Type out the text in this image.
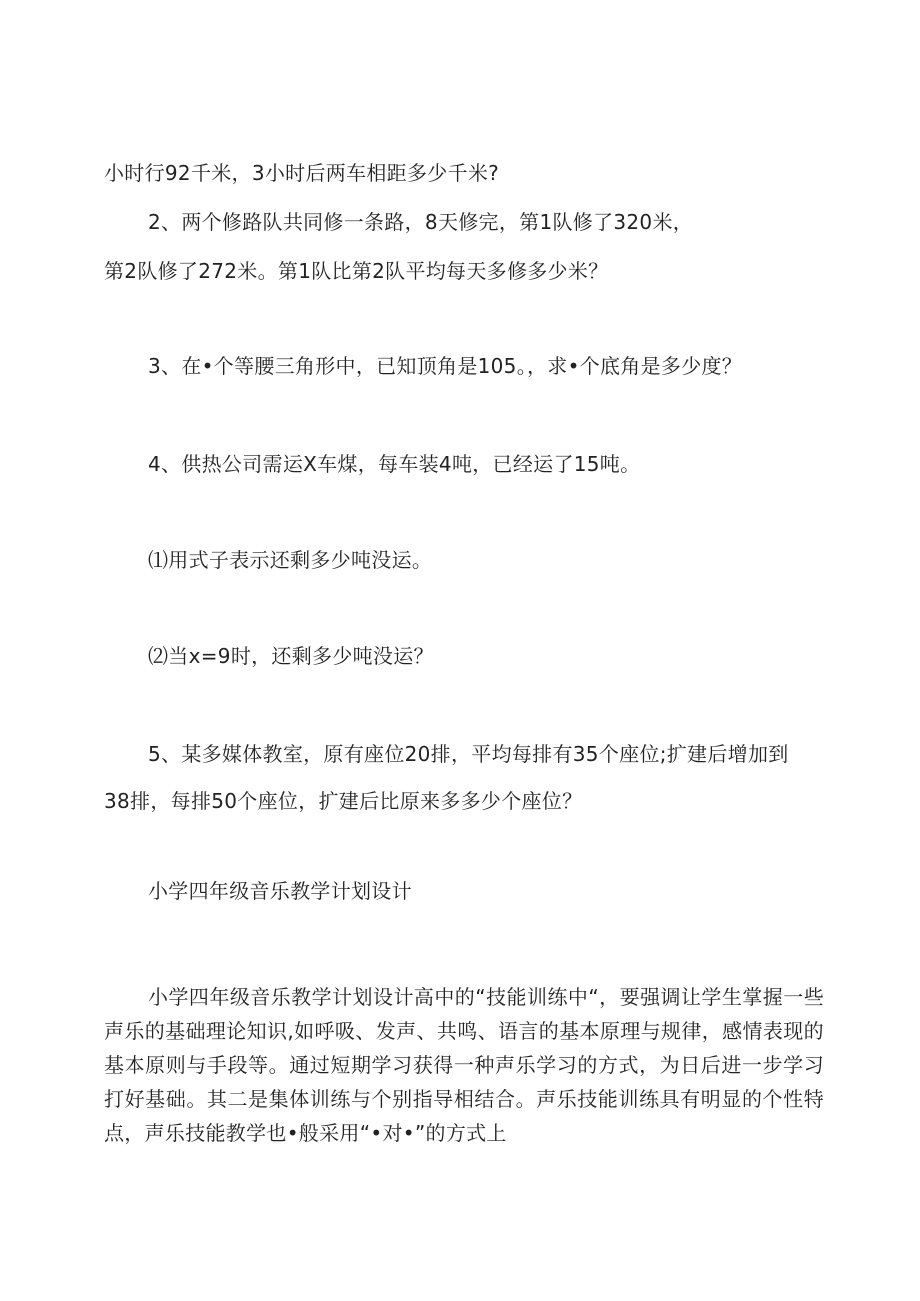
小时行92千米，3小时后两车相距多少千米?
2、两个修路队共同修一条路，8天修完，第1队修了320米，
第2队修了272米。第1队比第2队平均每天多修多少米？
3、在•个等腰三角形中，已知顶角是105。，求•个底角是多少度？
4、供热公司需运X车煤，每车装4吨，已经运了15吨。
⑴用式子表示还剩多少吨没运。
⑵当x=9时，还剩多少吨没运？
5、某多媒体教室，原有座位20排，平均每排有35个座位;扩建后增加到
38排，每排50个座位，扩建后比原来多多少个座位？
小学四年级音乐教学计划设计
小学四年级音乐教学计划设计高中的“技能训练中“，要强调让学生掌握一些声乐的基础理论知识,如呼吸、发声、共鸣、语言的基本原理与规律，感情表现的基本原则与手段等。通过短期学习获得一种声乐学习的方式，为日后进一步学习打好基础。其二是集体训练与个别指导相结合。声乐技能训练具有明显的个性特点，声乐技能教学也•般采用“•对•”的方式上
